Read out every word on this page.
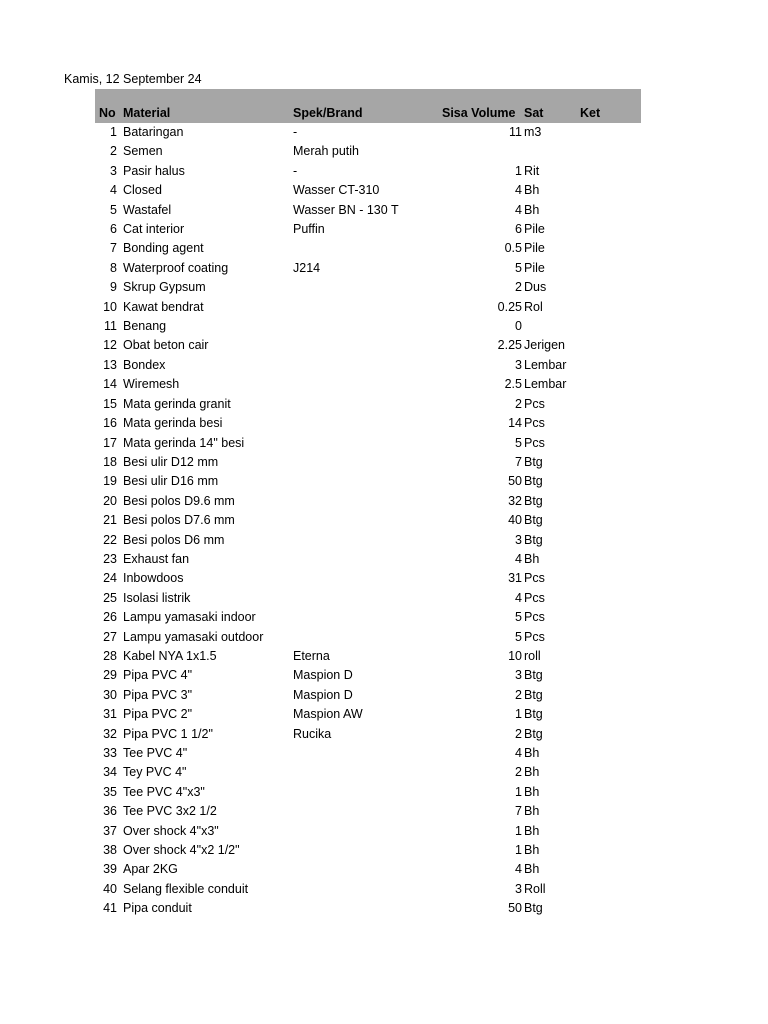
Kamis, 12 September 24
No Material	Spek/Brand	Sisa Volume Sat	Ket
1 Bataringan	-	11 m3
2 Semen	Merah putih
3 Pasir halus	-	1 Rit
4 Closed	Wasser CT-310	4 Bh
5 Wastafel	Wasser BN - 130 T	4 Bh
6 Cat interior	Puffin	6 Pile
7 Bonding agent	0.5 Pile
8 Waterproof coating	J214	5 Pile
9 Skrup Gypsum	2 Dus
10 Kawat bendrat	0.25 Rol
11 Benang	0
12 Obat beton cair	2.25 Jerigen
13 Bondex	3 Lembar
14 Wiremesh	2.5 Lembar
15 Mata gerinda granit	2 Pcs
16 Mata gerinda besi	14 Pcs
17 Mata gerinda 14" besi	5 Pcs
18 Besi ulir D12 mm	7 Btg
19 Besi ulir D16 mm	50 Btg
20 Besi polos D9.6 mm	32 Btg
21 Besi polos D7.6 mm	40 Btg
22 Besi polos D6 mm	3 Btg
23 Exhaust fan	4 Bh
24 Inbowdoos	31 Pcs
25 Isolasi listrik	4 Pcs
26 Lampu yamasaki indoor	5 Pcs
27 Lampu yamasaki outdoor	5 Pcs
28 Kabel NYA 1x1.5	Eterna	10 roll
29 Pipa PVC 4"	Maspion D	3 Btg
30 Pipa PVC 3"	Maspion D	2 Btg
31 Pipa PVC 2"	Maspion AW	1 Btg
32 Pipa PVC 1 1/2"	Rucika	2 Btg
33 Tee PVC 4"	4 Bh
34 Tey PVC 4"	2 Bh
35 Tee PVC 4"x3"	1 Bh
36 Tee PVC 3x2 1/2	7 Bh
37 Over shock 4"x3"	1 Bh
38 Over shock 4"x2 1/2"	1 Bh
39 Apar 2KG	4 Bh
40 Selang flexible conduit	3 Roll
41 Pipa conduit	50 Btg
